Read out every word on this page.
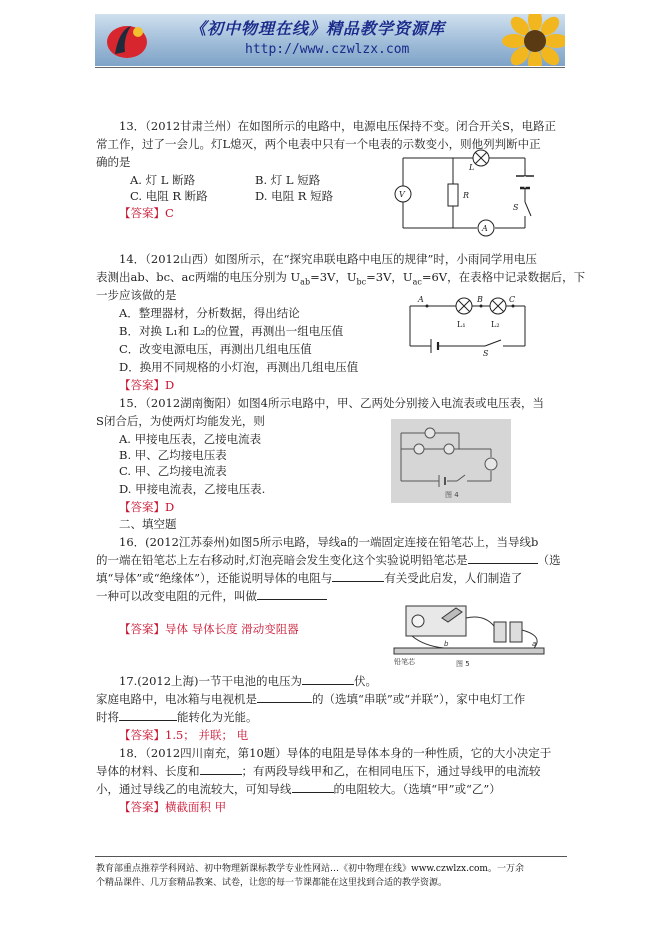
《初中物理在线》精品教学资源库
http://www.czwlzx.com
13．（2012甘肃兰州）在如图所示的电路中，电源电压保持不变。闭合开关S，电路正
常工作，过了一会儿。灯L熄灭，两个电表中只有一个电表的示数变小，则他列判断中正
确的是
A. 灯 L 断路	B. 灯 L 短路
C. 电阻 R 断路	D. 电阻 R 短路
【答案】C
V
L
R
S
A
14．（2012山西）如图所示，在“探究串联电路中电压的规律”时，小雨同学用电压
表测出ab、bc、ac两端的电压分别为 $U_{ab}=3V$，$U_{bc}=3V$，$U_{ac}=6V$，在表格中记录数据后，下
一步应该做的是
A．整理器材，分析数据，得出结论
B．对换 L₁和 L₂的位置，再测出一组电压值
C．改变电源电压，再测出几组电压值
D．换用不同规格的小灯泡，再测出几组电压值
【答案】D
A	B	C
L₁	L₂
S
15．（2012湖南衡阳）如图4所示电路中，甲、乙两处分别接入电流表或电压表，当
S闭合后，为使两灯均能发光，则
A. 甲接电压表，乙接电流表
B. 甲、乙均接电压表
C. 甲、乙均接电流表
D. 甲接电流表，乙接电压表.
【答案】D
图 4
二、填空题
16．(2012江苏泰州)如图5所示电路，导线a的一端固定连接在铅笔芯上，当导线b
的一端在铅笔芯上左右移动时,灯泡亮暗会发生变化这个实验说明铅笔芯是	（选
填“导体”或“绝缘体”），还能说明导体的电阻与	有关受此启发，人们制造了
一种可以改变电阻的元件，叫做
【答案】导体 导体长度 滑动变阻器
铅笔芯	图 5
a
b
17.(2012上海)一节干电池的电压为	伏。
家庭电路中，电冰箱与电视机是	的（选填“串联”或“并联”），家中电灯工作
时将	能转化为光能。
【答案】1.5； 并联； 电
18．（2012四川南充，第10题）导体的电阻是导体本身的一种性质，它的大小决定于
导体的材料、长度和	；有两段导线甲和乙，在相同电压下，通过导线甲的电流较
小，通过导线乙的电流较大，可知导线	的电阻较大。（选填“甲”或“乙”）
【答案】横截面积 甲
教育部重点推荐学科网站、初中物理新课标教学专业性网站…《初中物理在线》www.czwlzx.com。一万余
个精品课件、几万套精品教案、试卷，让您的每一节课都能在这里找到合适的教学资源。
